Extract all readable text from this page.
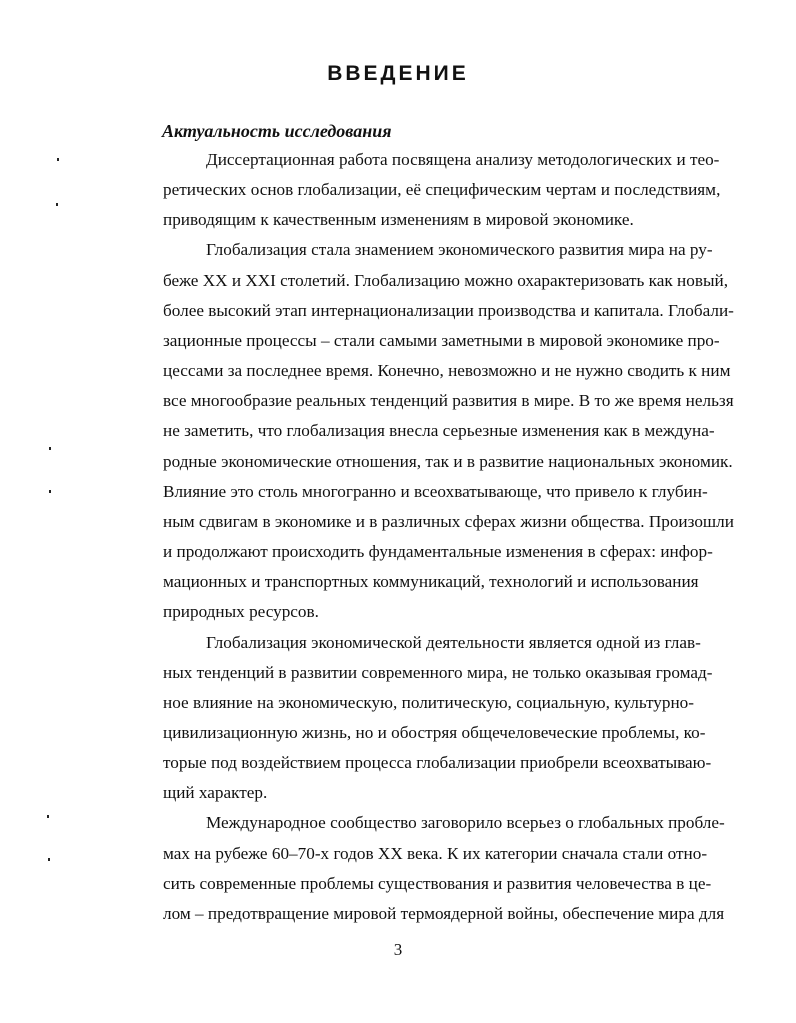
ВВЕДЕНИЕ
Актуальность исследования
Диссертационная работа посвящена анализу методологических и тео-
ретических основ глобализации, её специфическим чертам и последствиям,
приводящим к качественным изменениям в мировой экономике.
Глобализация стала знамением экономического развития мира на ру-
беже XX и XXI столетий. Глобализацию можно охарактеризовать как новый,
более высокий этап интернационализации производства и капитала. Глобали-
зационные процессы – стали самыми заметными в мировой экономике про-
цессами за последнее время. Конечно, невозможно и не нужно сводить к ним
все многообразие реальных тенденций развития в мире. В то же время нельзя
не заметить, что глобализация внесла серьезные изменения как в междуна-
родные экономические отношения, так и в развитие национальных экономик.
Влияние это столь многогранно и всеохватывающе, что привело к глубин-
ным сдвигам в экономике и в различных сферах жизни общества. Произошли
и продолжают происходить фундаментальные изменения в сферах: инфор-
мационных и транспортных коммуникаций, технологий и использования
природных ресурсов.
Глобализация экономической деятельности является одной из глав-
ных тенденций в развитии современного мира, не только оказывая громад-
ное влияние на экономическую, политическую, социальную, культурно-
цивилизационную жизнь, но и обостряя общечеловеческие проблемы, ко-
торые под воздействием процесса глобализации приобрели всеохватываю-
щий характер.
Международное сообщество заговорило всерьез о глобальных пробле-
мах на рубеже 60–70-х годов XX века. К их категории сначала стали отно-
сить современные проблемы существования и развития человечества в це-
лом – предотвращение мировой термоядерной войны, обеспечение мира для
3
